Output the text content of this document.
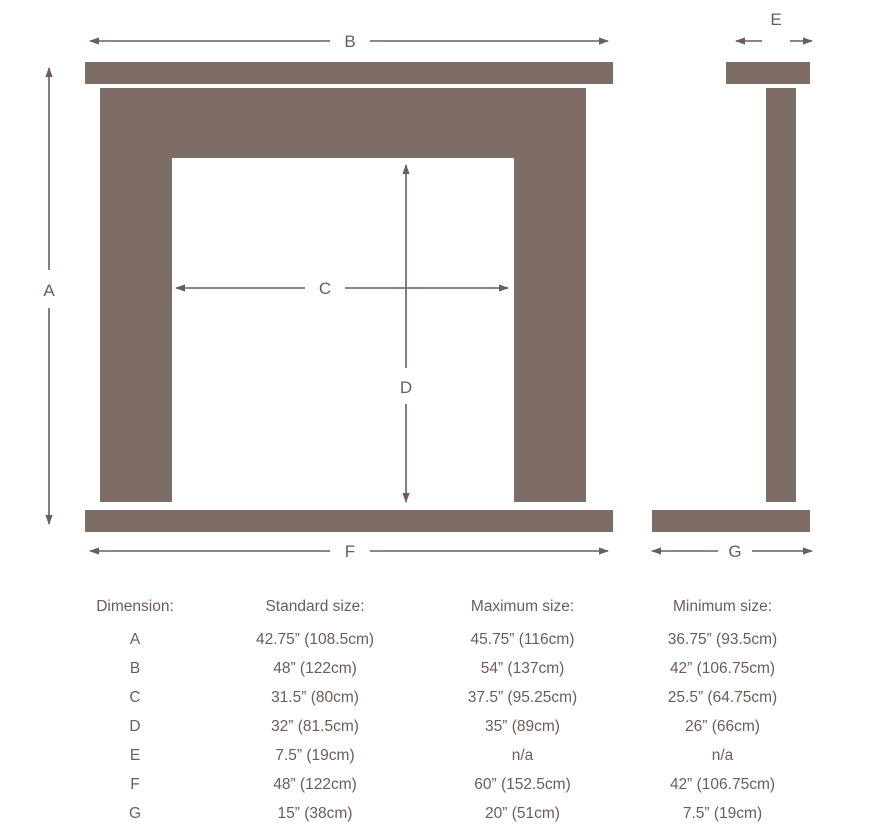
B
E
A	C
D
F	G
Dimension:	Standard size:	Maximum size:	Minimum size:
A	42.75” (108.5cm)	45.75” (116cm)	36.75” (93.5cm)
B	48” (122cm)	54” (137cm)	42” (106.75cm)
C	31.5” (80cm)	37.5” (95.25cm)	25.5” (64.75cm)
D	32” (81.5cm)	35” (89cm)	26” (66cm)
E	7.5” (19cm)	n/a	n/a
F	48” (122cm)	60” (152.5cm)	42” (106.75cm)
G	15” (38cm)	20” (51cm)	7.5” (19cm)
